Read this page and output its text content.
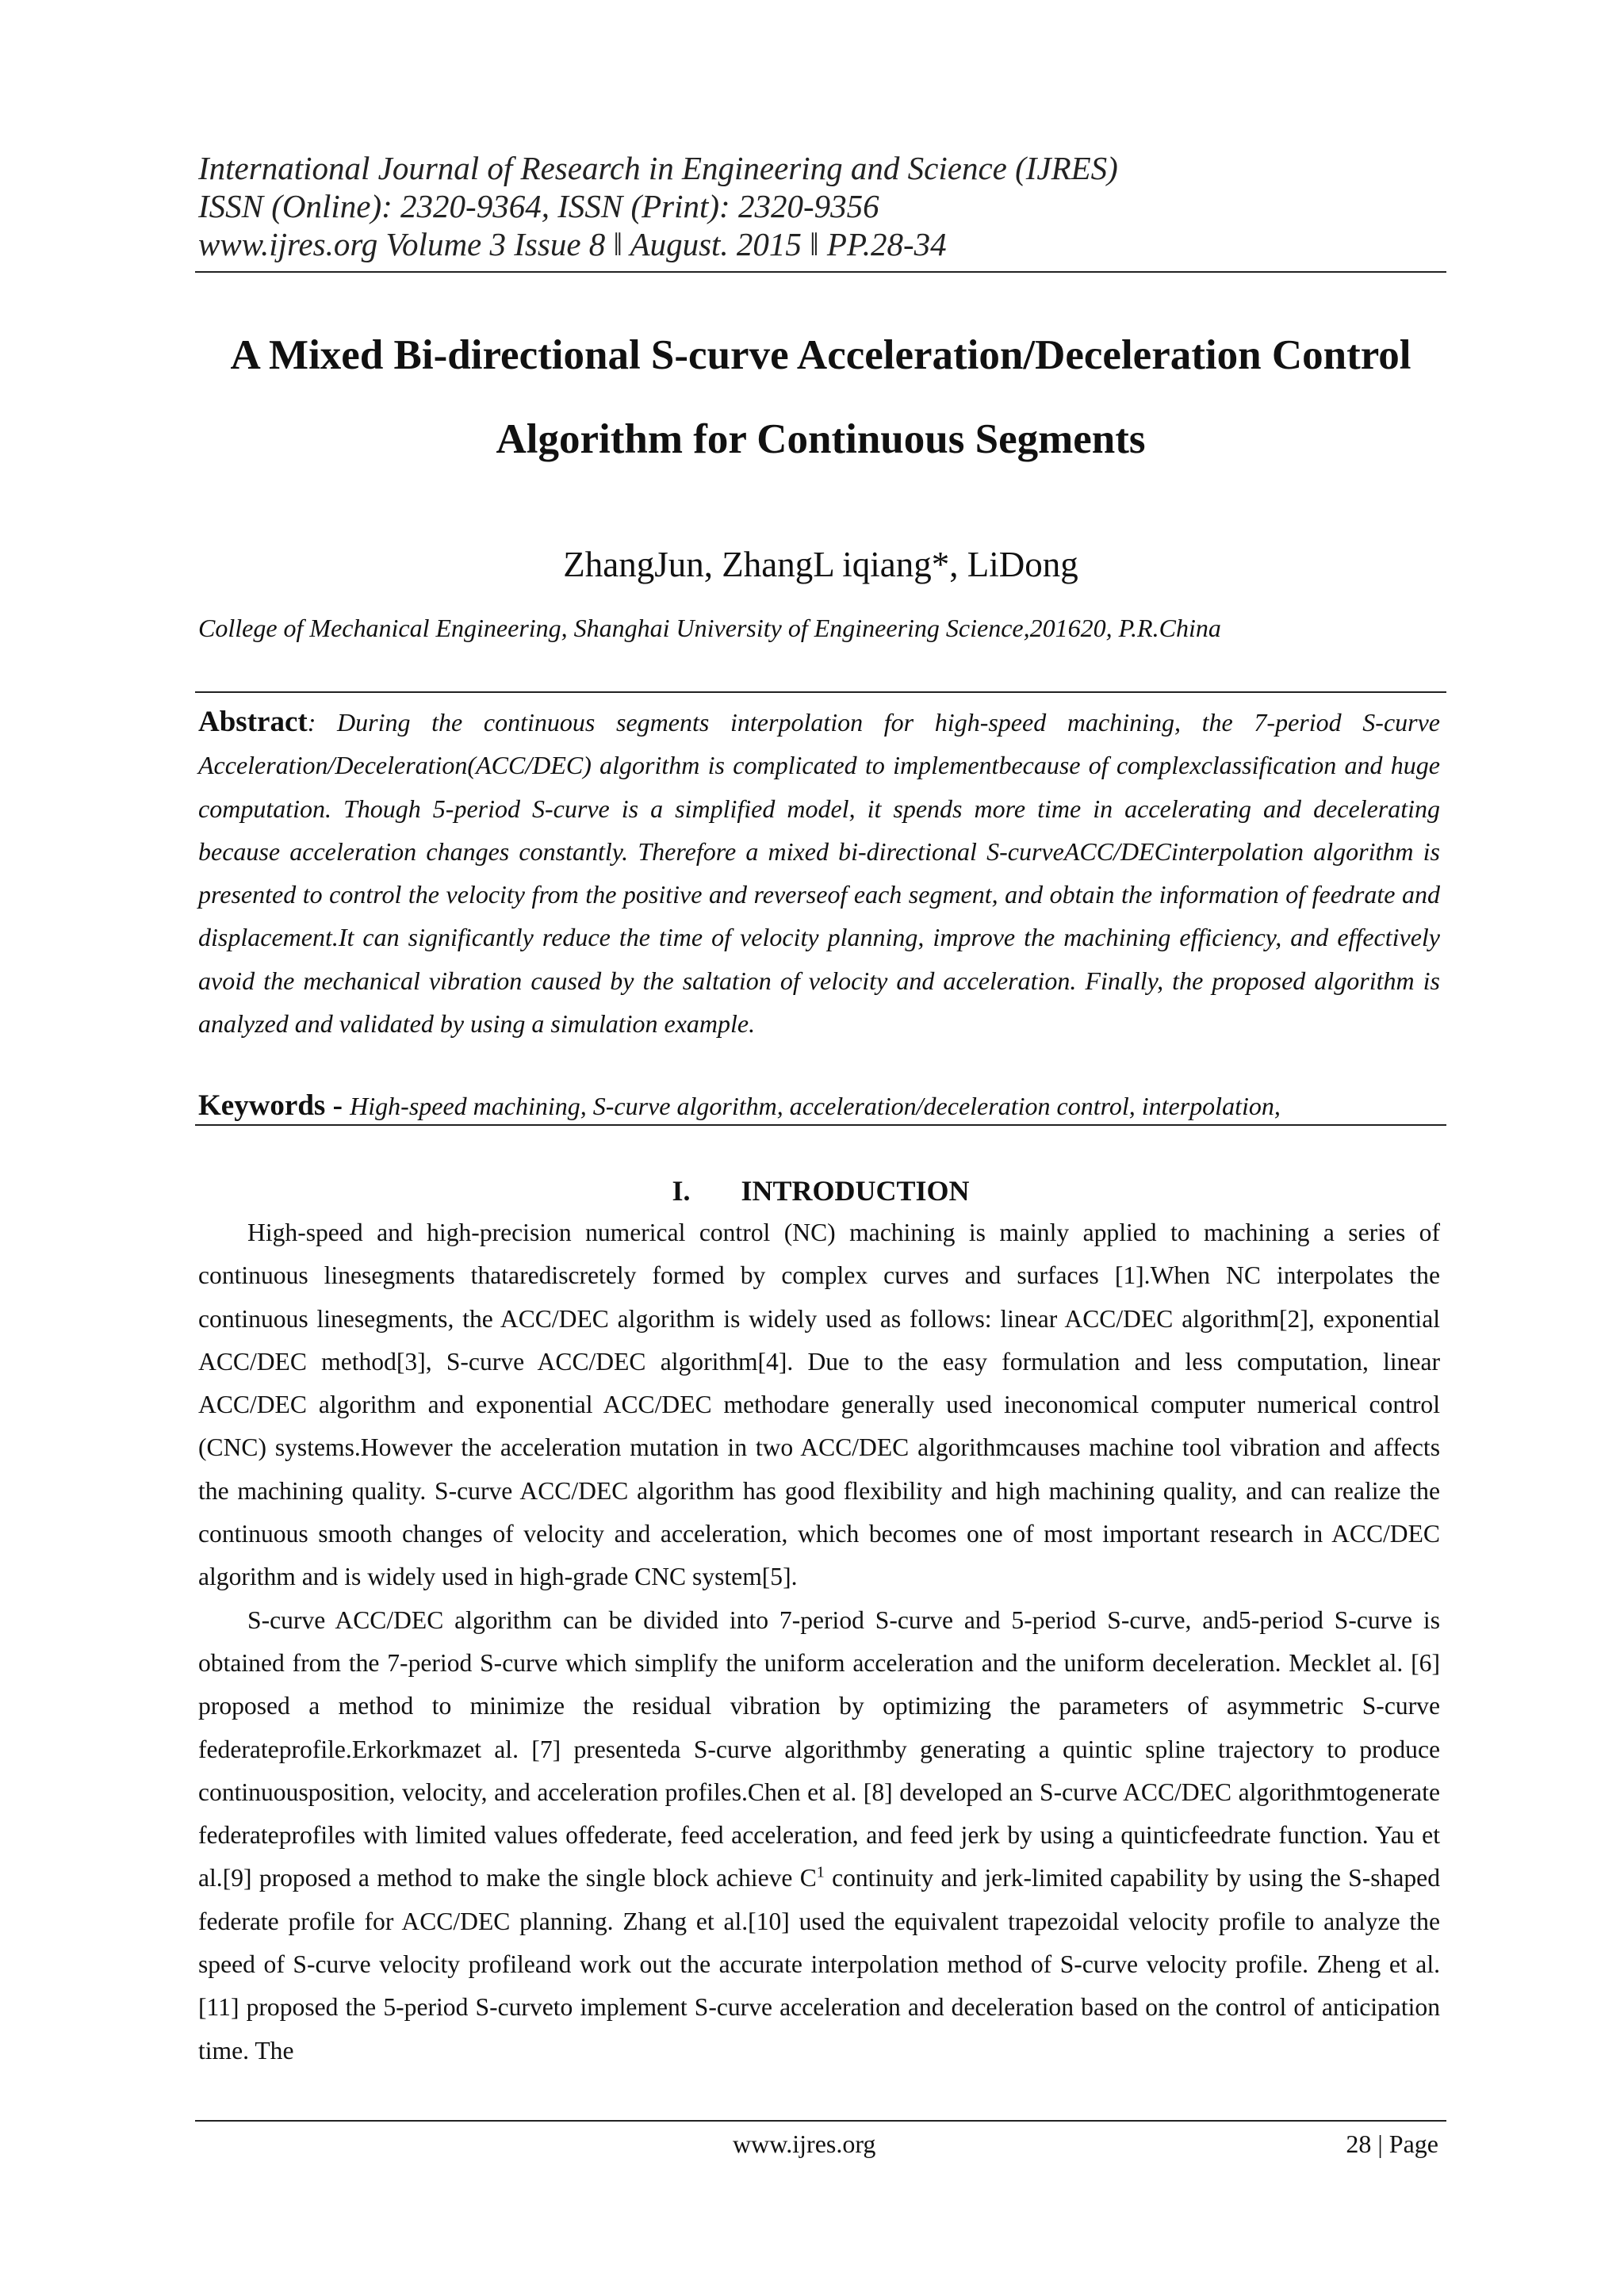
International Journal of Research in Engineering and Science (IJRES)
ISSN (Online): 2320-9364, ISSN (Print): 2320-9356
www.ijres.org Volume 3 Issue 8 ǁ August. 2015 ǁ PP.28-34
A Mixed Bi-directional S-curve Acceleration/Deceleration Control
Algorithm for Continuous Segments
ZhangJun, ZhangL iqiang*, LiDong
College of Mechanical Engineering, Shanghai University of Engineering Science,201620, P.R.China
Abstract: During the continuous segments interpolation for high-speed machining, the 7-period S-curve Acceleration/Deceleration(ACC/DEC) algorithm is complicated to implementbecause of complexclassification and huge computation. Though 5-period S-curve is a simplified model, it spends more time in accelerating and decelerating because acceleration changes constantly. Therefore a mixed bi-directional S-curveACC/DECinterpolation algorithm is presented to control the velocity from the positive and reverseof each segment, and obtain the information of feedrate and displacement.It can significantly reduce the time of velocity planning, improve the machining efficiency, and effectively avoid the mechanical vibration caused by the saltation of velocity and acceleration. Finally, the proposed algorithm is analyzed and validated by using a simulation example.
Keywords - High-speed machining, S-curve algorithm, acceleration/deceleration control, interpolation,
I. INTRODUCTION

High-speed and high-precision numerical control (NC) machining is mainly applied to machining a series of continuous linesegments thatarediscretely formed by complex curves and surfaces [1].When NC interpolates the continuous linesegments, the ACC/DEC algorithm is widely used as follows: linear ACC/DEC algorithm[2], exponential ACC/DEC method[3], S-curve ACC/DEC algorithm[4]. Due to the easy formulation and less computation, linear ACC/DEC algorithm and exponential ACC/DEC methodare generally used ineconomical computer numerical control (CNC) systems.However the acceleration mutation in two ACC/DEC algorithmcauses machine tool vibration and affects the machining quality. S-curve ACC/DEC algorithm has good flexibility and high machining quality, and can realize the continuous smooth changes of velocity and acceleration, which becomes one of most important research in ACC/DEC algorithm and is widely used in high-grade CNC system[5].

S-curve ACC/DEC algorithm can be divided into 7-period S-curve and 5-period S-curve, and5-period S-curve is obtained from the 7-period S-curve which simplify the uniform acceleration and the uniform deceleration. Mecklet al. [6] proposed a method to minimize the residual vibration by optimizing the parameters of asymmetric S-curve federateprofile.Erkorkmazet al. [7] presenteda S-curve algorithmby generating a quintic spline trajectory to produce continuousposition, velocity, and acceleration profiles.Chen et al. [8] developed an S-curve ACC/DEC algorithmtogenerate federateprofiles with limited values offederate, feed acceleration, and feed jerk by using a quinticfeedrate function. Yau et al.[9] proposed a method to make the single block achieve $C^1$ continuity and jerk-limited capability by using the S-shaped federate profile for ACC/DEC planning. Zhang et al.[10] used the equivalent trapezoidal velocity profile to analyze the speed of S-curve velocity profileand work out the accurate interpolation method of S-curve velocity profile. Zheng et al. [11] proposed the 5-period S-curveto implement S-curve acceleration and deceleration based on the control of anticipation time. The

www.ijres.org	28 | Page
